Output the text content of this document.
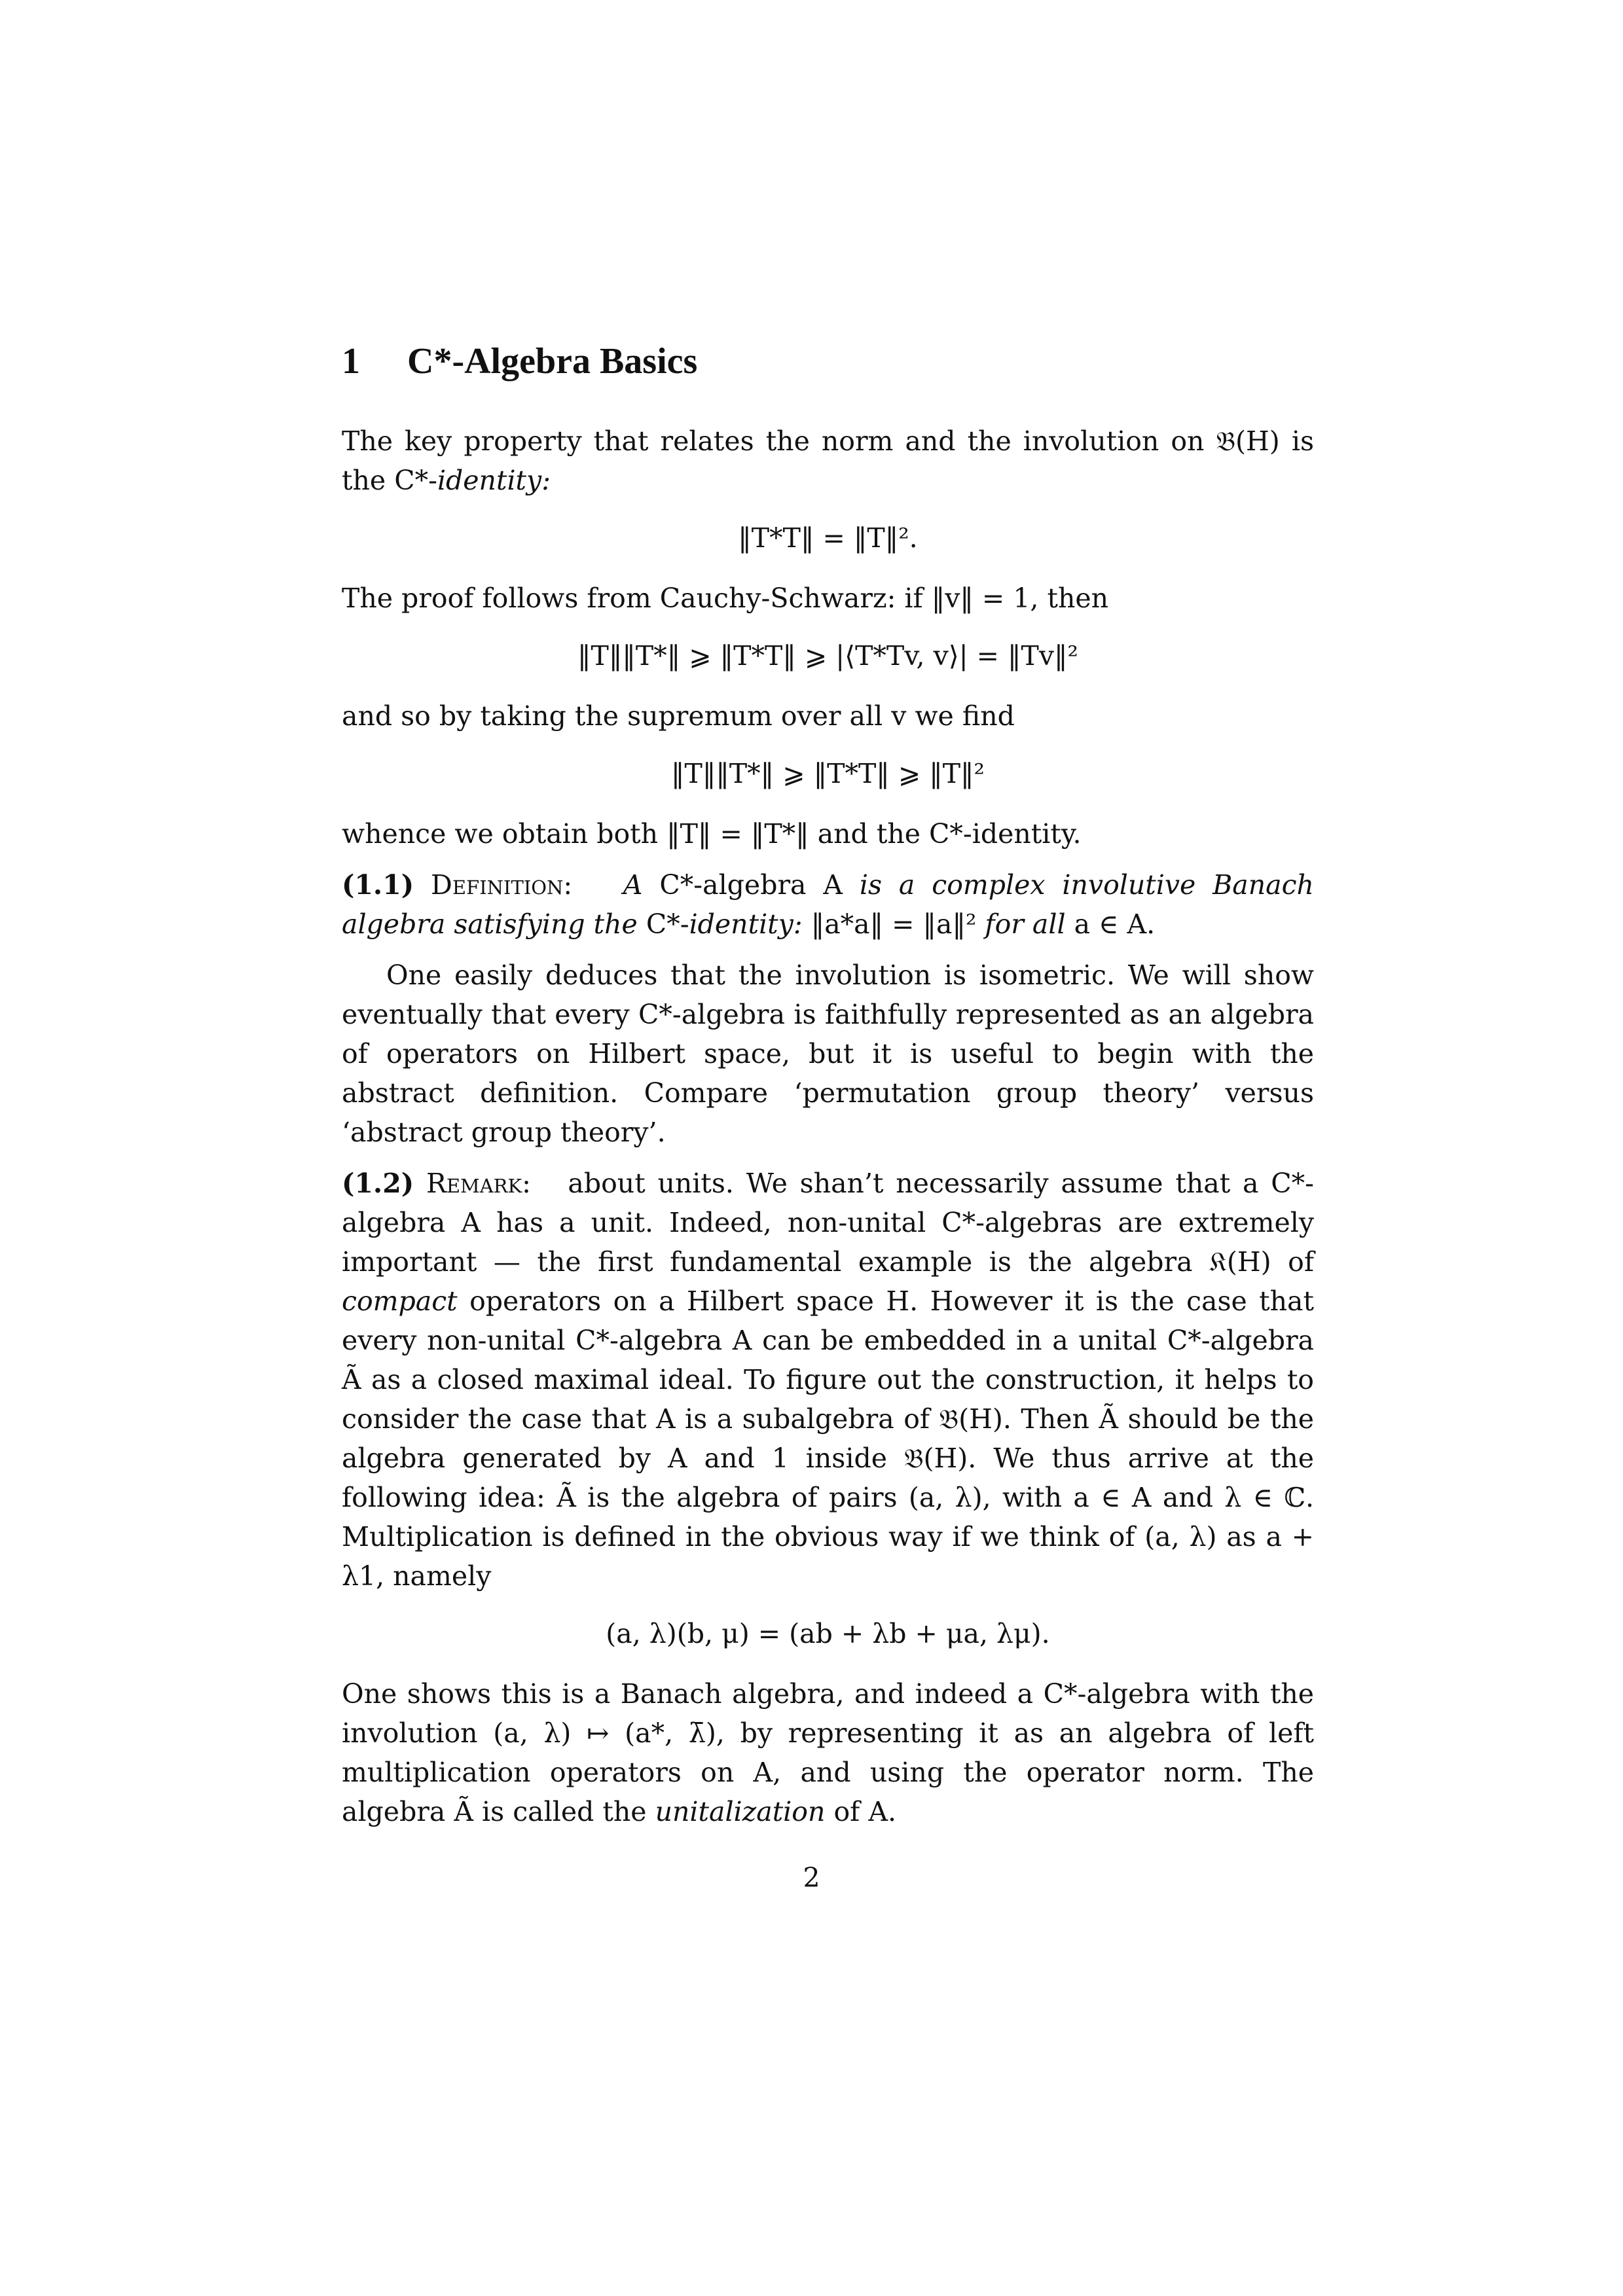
1 C*-Algebra Basics

The key property that relates the norm and the involution on 𝔅(H) is the C*-identity:

‖T*T‖ = ‖T‖².

The proof follows from Cauchy-Schwarz: if ‖v‖ = 1, then

‖T‖‖T*‖ ⩾ ‖T*T‖ ⩾ |⟨T*Tv, v⟩| = ‖Tv‖²

and so by taking the supremum over all v we find

‖T‖‖T*‖ ⩾ ‖T*T‖ ⩾ ‖T‖²

whence we obtain both ‖T‖ = ‖T*‖ and the C*-identity.

(1.1) Definition: A C*-algebra A is a complex involutive Banach algebra satisfying the C*-identity: ‖a*a‖ = ‖a‖² for all a ∈ A.

One easily deduces that the involution is isometric. We will show eventually that every C*-algebra is faithfully represented as an algebra of operators on Hilbert space, but it is useful to begin with the abstract definition. Compare ‘permutation group theory’ versus ‘abstract group theory’.

(1.2) Remark: about units. We shan’t necessarily assume that a C*-algebra A has a unit. Indeed, non-unital C*-algebras are extremely important — the first fundamental example is the algebra 𝔎(H) of compact operators on a Hilbert space H. However it is the case that every non-unital C*-algebra A can be embedded in a unital C*-algebra Ã as a closed maximal ideal. To figure out the construction, it helps to consider the case that A is a subalgebra of 𝔅(H). Then Ã should be the algebra generated by A and 1 inside 𝔅(H). We thus arrive at the following idea: Ã is the algebra of pairs (a, λ), with a ∈ A and λ ∈ ℂ. Multiplication is defined in the obvious way if we think of (a, λ) as a + λ1, namely

(a, λ)(b, μ) = (ab + λb + μa, λμ).

One shows this is a Banach algebra, and indeed a C*-algebra with the involution (a, λ) ↦ (a*, λ̄), by representing it as an algebra of left multiplication operators on A, and using the operator norm. The algebra Ã is called the unitalization of A.

2
